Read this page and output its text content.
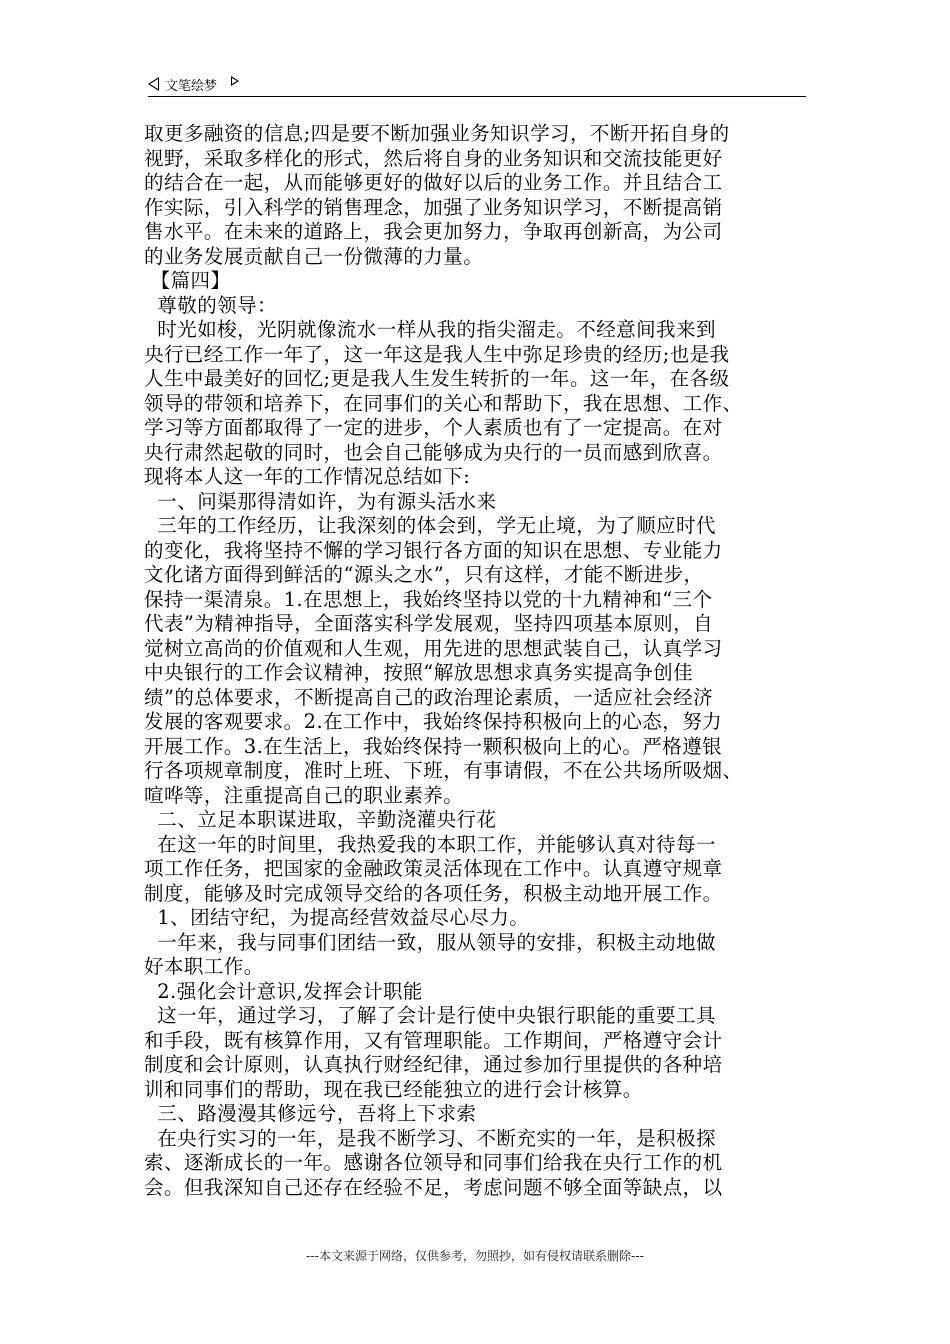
文笔绘梦
取更多融资的信息;四是要不断加强业务知识学习，不断开拓自身的
视野，采取多样化的形式，然后将自身的业务知识和交流技能更好
的结合在一起，从而能够更好的做好以后的业务工作。并且结合工
作实际，引入科学的销售理念，加强了业务知识学习，不断提高销
售水平。在未来的道路上，我会更加努力，争取再创新高，为公司
的业务发展贡献自己一份微薄的力量。
【篇四】
尊敬的领导：
时光如梭，光阴就像流水一样从我的指尖溜走。不经意间我来到
央行已经工作一年了，这一年这是我人生中弥足珍贵的经历;也是我
人生中最美好的回忆;更是我人生发生转折的一年。这一年，在各级
领导的带领和培养下，在同事们的关心和帮助下，我在思想、工作、
学习等方面都取得了一定的进步，个人素质也有了一定提高。在对
央行肃然起敬的同时，也会自己能够成为央行的一员而感到欣喜。
现将本人这一年的工作情况总结如下:
一、问渠那得清如许，为有源头活水来
三年的工作经历，让我深刻的体会到，学无止境，为了顺应时代
的变化，我将坚持不懈的学习银行各方面的知识在思想、专业能力
文化诸方面得到鲜活的“源头之水”，只有这样，才能不断进步，
保持一渠清泉。1.在思想上，我始终坚持以党的十九精神和“三个
代表”为精神指导，全面落实科学发展观，坚持四项基本原则，自
觉树立高尚的价值观和人生观，用先进的思想武装自己，认真学习
中央银行的工作会议精神，按照“解放思想求真务实提高争创佳
绩”的总体要求，不断提高自己的政治理论素质，一适应社会经济
发展的客观要求。2.在工作中，我始终保持积极向上的心态，努力
开展工作。3.在生活上，我始终保持一颗积极向上的心。严格遵银
行各项规章制度，准时上班、下班，有事请假，不在公共场所吸烟、
喧哗等，注重提高自己的职业素养。
二、立足本职谋进取，辛勤浇灌央行花
在这一年的时间里，我热爱我的本职工作，并能够认真对待每一
项工作任务，把国家的金融政策灵活体现在工作中。认真遵守规章
制度，能够及时完成领导交给的各项任务，积极主动地开展工作。
1、团结守纪，为提高经营效益尽心尽力。
一年来，我与同事们团结一致，服从领导的安排，积极主动地做
好本职工作。
2.强化会计意识,发挥会计职能
这一年，通过学习，了解了会计是行使中央银行职能的重要工具
和手段，既有核算作用，又有管理职能。工作期间，严格遵守会计
制度和会计原则，认真执行财经纪律，通过参加行里提供的各种培
训和同事们的帮助，现在我已经能独立的进行会计核算。
三、路漫漫其修远兮，吾将上下求索
在央行实习的一年，是我不断学习、不断充实的一年，是积极探
索、逐渐成长的一年。感谢各位领导和同事们给我在央行工作的机
会。但我深知自己还存在经验不足，考虑问题不够全面等缺点，以
---本文来源于网络，仅供参考，勿照抄，如有侵权请联系删除---
